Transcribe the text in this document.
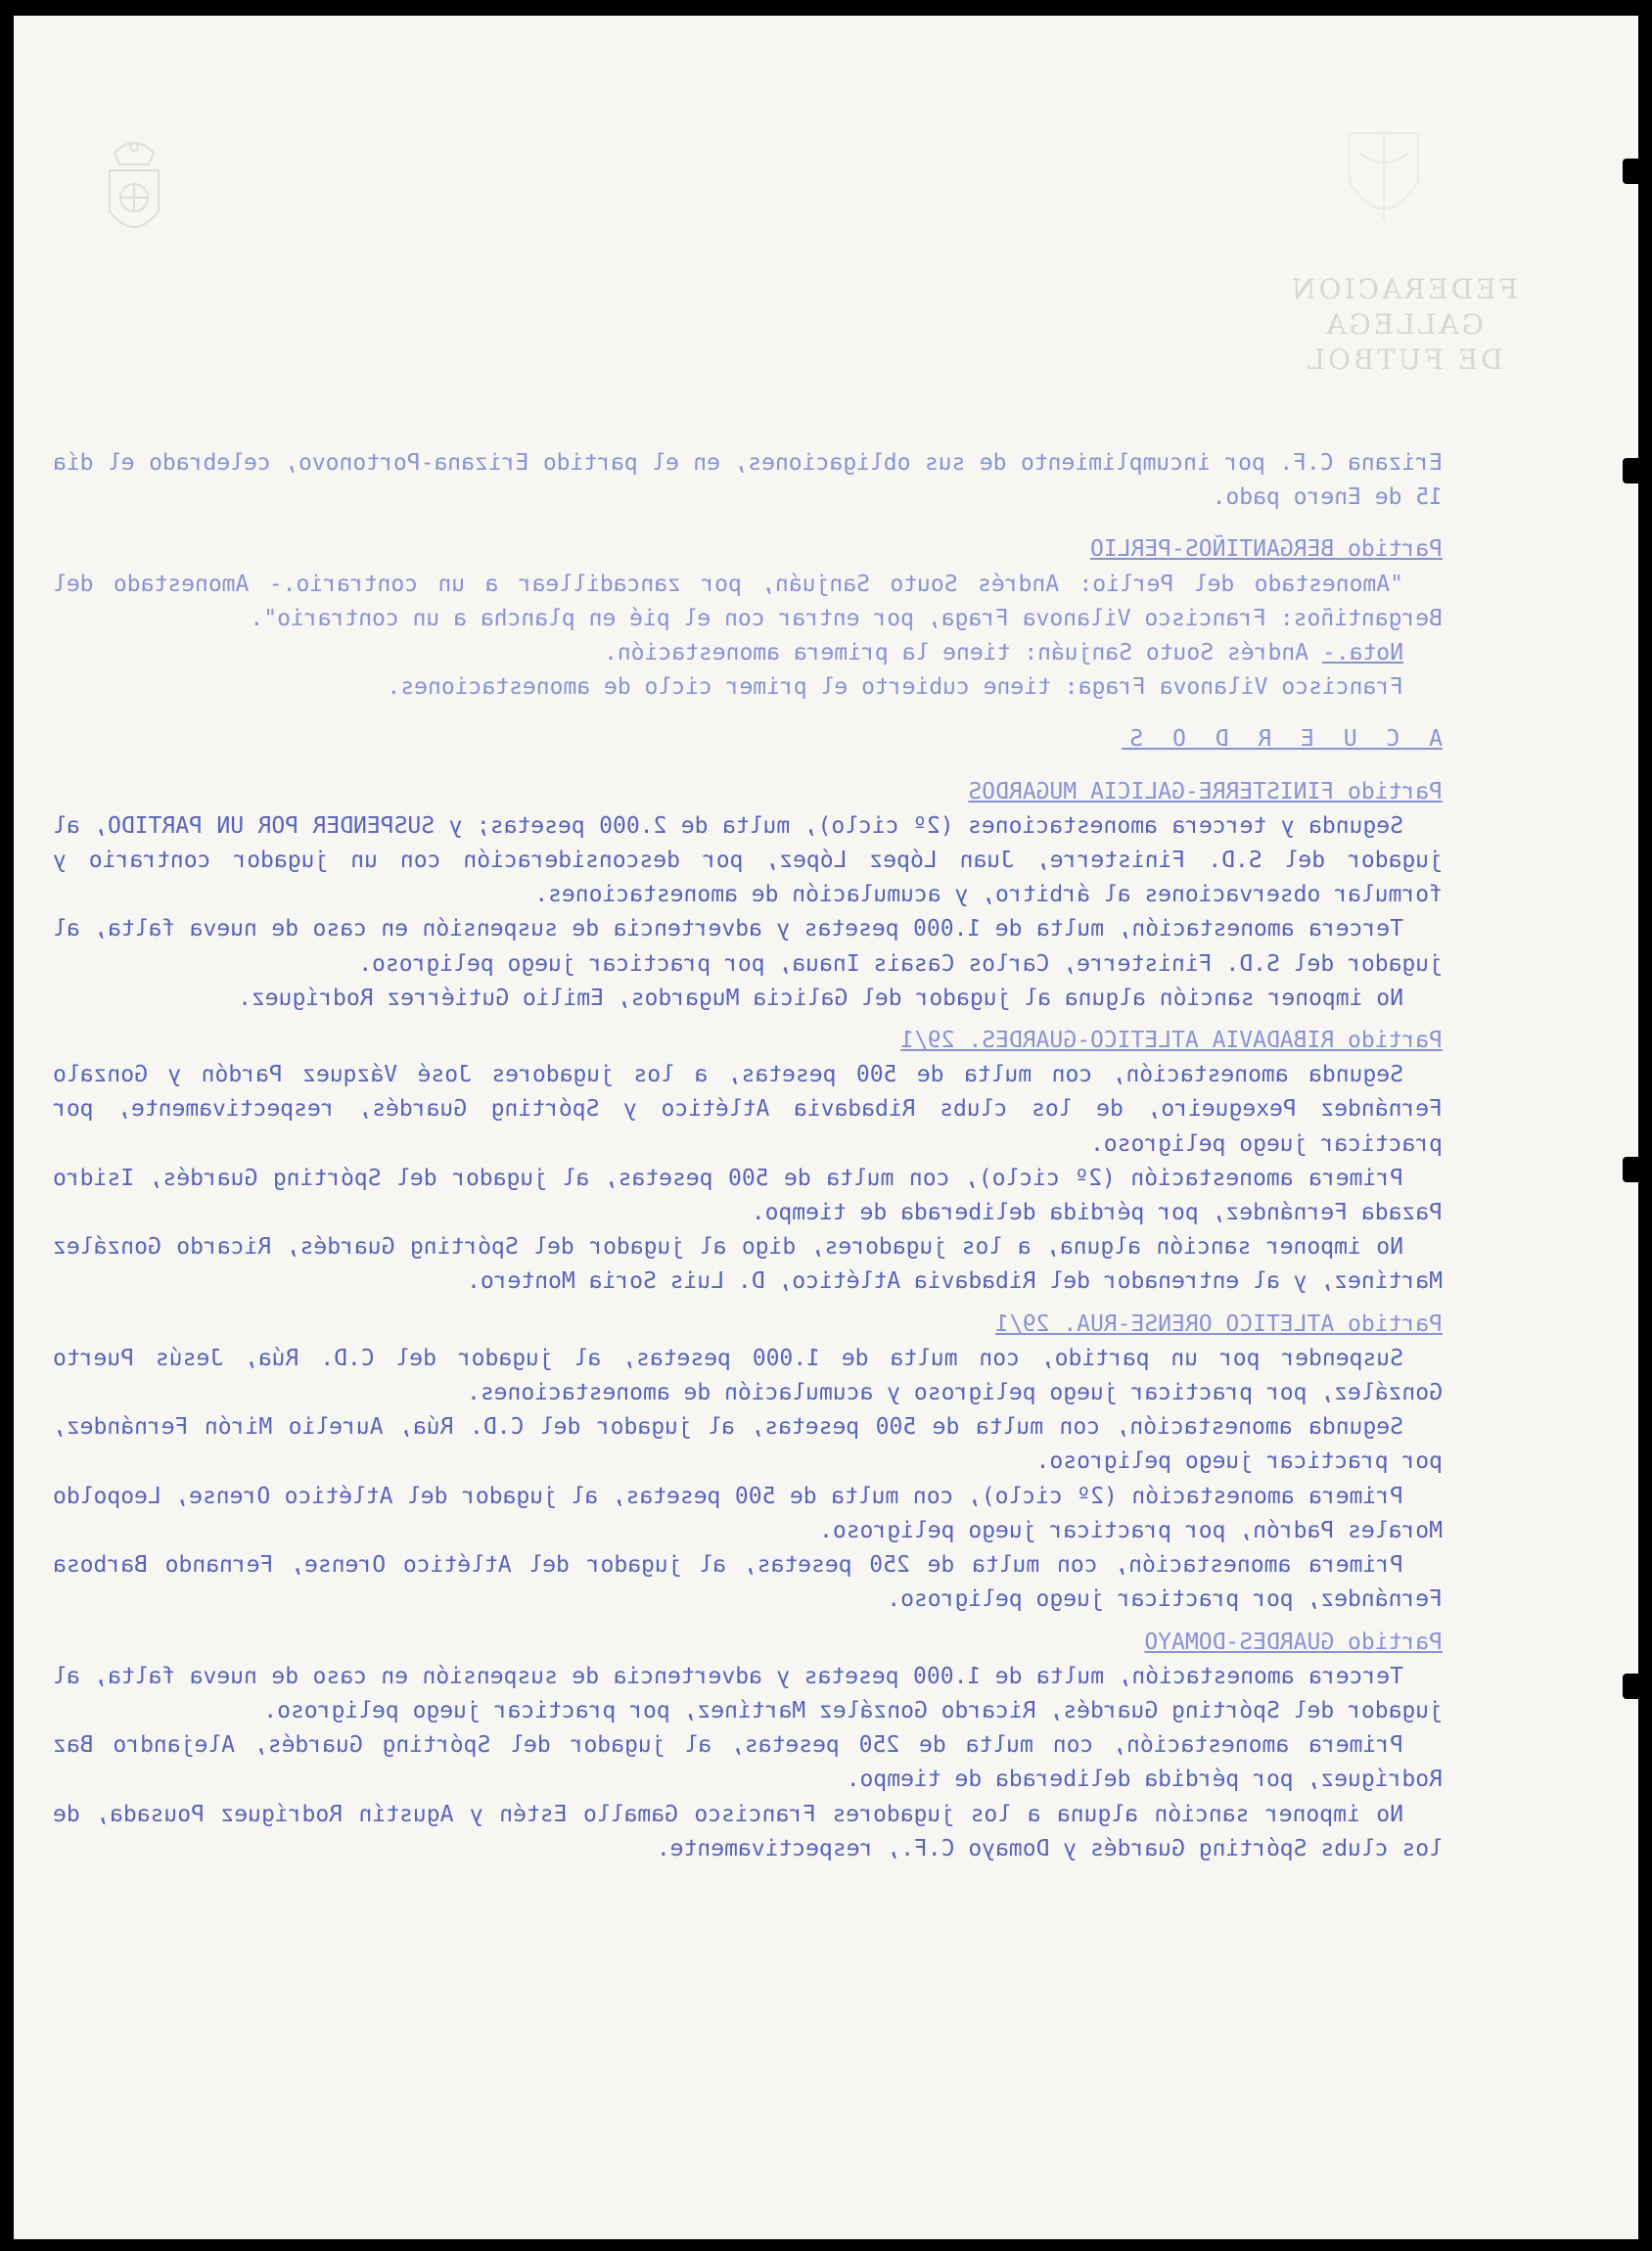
FEDERACION GALLEGA
DE FUTBOL

Erizana C.F. por incumplimiento de sus obligaciones, en el partido Erizana-Portonovo, celebrado el día 15 de Enero pado.

Partido BERGANTIÑOS-PERLIO

"Amonestado del Perlio: Andrés Souto Sanjuán, por zancadillear a un contrario.- Amonestado del Bergantiños: Francisco Vilanova Fraga, por entrar con el pié en plancha a un contrario".

Nota.- Andrés Souto Sanjuán: tiene la primera amonestación.

Francisco Vilanova Fraga: tiene cubierto el primer ciclo de amonestaciones.

A C U E R D O S

Partido FINISTERRE-GALICIA MUGARDOS

Segunda y tercera amonestaciones (2º ciclo), multa de 2.000 pesetas; y SUSPENDER POR UN PARTIDO, al jugador del S.D. Finisterre, Juan López López, por desconsideración con un jugador contrario y formular observaciones al árbitro, y acumulación de amonestaciones.

Tercera amonestación, multa de 1.000 pesetas y advertencia de suspensión en caso de nueva falta, al jugador del S.D. Finisterre, Carlos Casais Inaua, por practicar juego peligroso.

No imponer sanción alguna al jugador del Galicia Mugardos, Emilio Gutiérrez Rodríguez.

Partido RIBADAVIA ATLETICO-GUARDES. 29/1

Segunda amonestación, con multa de 500 pesetas, a los jugadores José Vázquez Pardón y Gonzalo Fernández Pexegueiro, de los clubs Ribadavia Atlético y Spórting Guardés, respectivamente, por practicar juego peligroso.

Primera amonestación (2º ciclo), con multa de 500 pesetas, al jugador del Spórting Guardés, Isidro Pazada Fernández, por pérdida deliberada de tiempo.

No imponer sanción alguna, a los jugadores, digo al jugador del Spórting Guardés, Ricardo González Martínez, y al entrenador del Ribadavia Atlético, D. Luis Soria Montero.

Partido ATLETICO ORENSE-RUA. 29/1

Suspender por un partido, con multa de 1.000 pesetas, al jugador del C.D. Rúa, Jesús Puerto González, por practicar juego peligroso y acumulación de amonestaciones.

Segunda amonestación, con multa de 500 pesetas, al jugador del C.D. Rúa, Aurelio Mirón Fernández, por practicar juego peligroso.

Primera amonestación (2º ciclo), con multa de 500 pesetas, al jugador del Atlético Orense, Leopoldo Morales Padrón, por practicar juego peligroso.

Primera amonestación, con multa de 250 pesetas, al jugador del Atlético Orense, Fernando Barbosa Fernández, por practicar juego peligroso.

Partido GUARDES-DOMAYO

Tercera amonestación, multa de 1.000 pesetas y advertencia de suspensión en caso de nueva falta, al jugador del Spórting Guardés, Ricardo González Martínez, por practicar juego peligroso.

Primera amonestación, con multa de 250 pesetas, al jugador del Spórting Guardés, Alejandro Baz Rodríguez, por pérdida deliberada de tiempo.

No imponer sanción alguna a los jugadores Francisco Gamallo Estén y Agustín Rodríguez Pousada, de los clubs Spórting Guardés y Domayo C.F., respectivamente.
